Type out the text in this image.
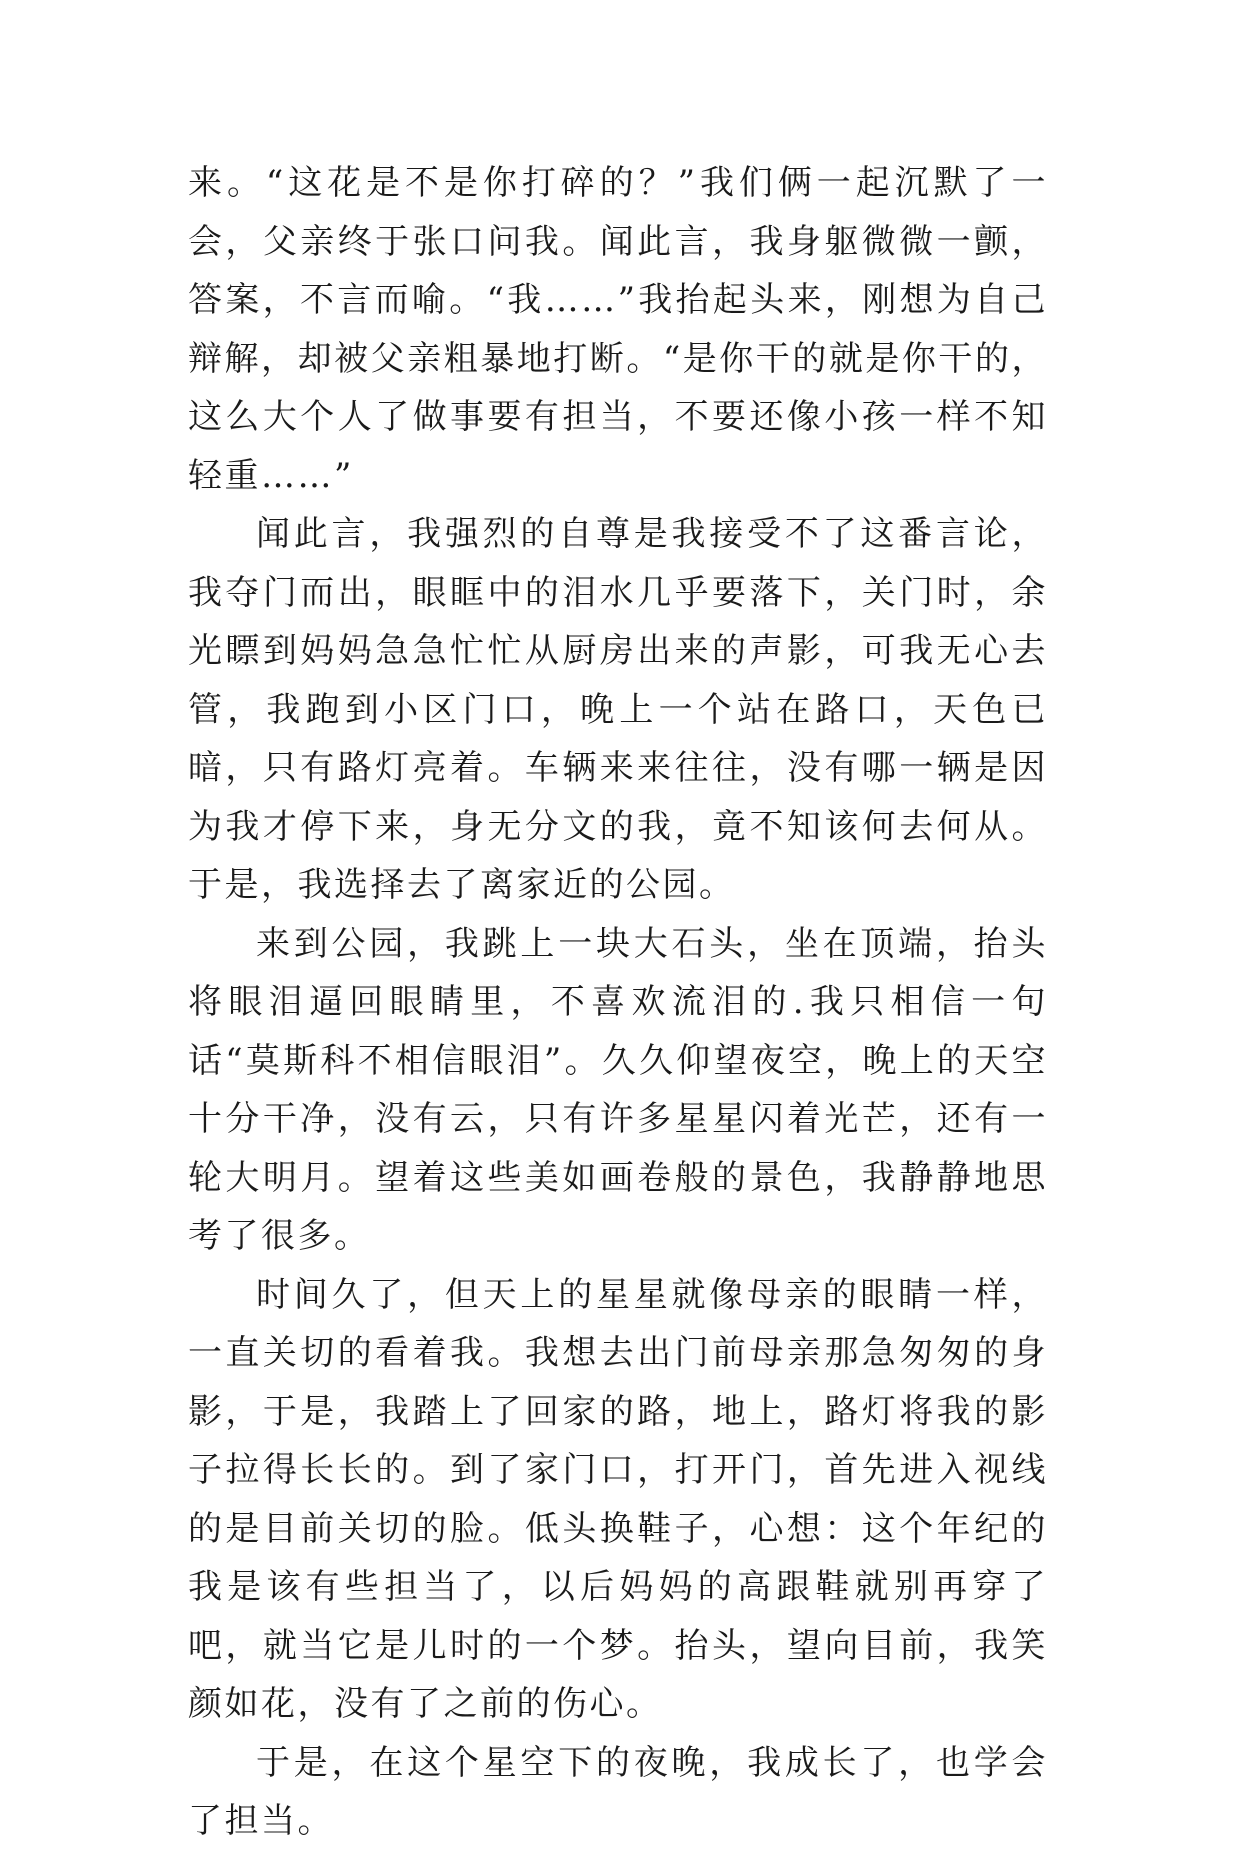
来。“这花是不是你打碎的？”我们俩一起沉默了一会，父亲终于张口问我。闻此言，我身躯微微一颤，答案，不言而喻。“我……”我抬起头来，刚想为自己辩解，却被父亲粗暴地打断。“是你干的就是你干的，这么大个人了做事要有担当，不要还像小孩一样不知轻重……”

闻此言，我强烈的自尊是我接受不了这番言论，我夺门而出，眼眶中的泪水几乎要落下，关门时，余光瞟到妈妈急急忙忙从厨房出来的声影，可我无心去管，我跑到小区门口，晚上一个站在路口，天色已暗，只有路灯亮着。车辆来来往往，没有哪一辆是因为我才停下来，身无分文的我，竟不知该何去何从。于是，我选择去了离家近的公园。

来到公园，我跳上一块大石头，坐在顶端，抬头将眼泪逼回眼睛里，不喜欢流泪的.我只相信一句话“莫斯科不相信眼泪”。久久仰望夜空，晚上的天空十分干净，没有云，只有许多星星闪着光芒，还有一轮大明月。望着这些美如画卷般的景色，我静静地思考了很多。

时间久了，但天上的星星就像母亲的眼睛一样，一直关切的看着我。我想去出门前母亲那急匆匆的身影，于是，我踏上了回家的路，地上，路灯将我的影子拉得长长的。到了家门口，打开门，首先进入视线的是目前关切的脸。低头换鞋子，心想：这个年纪的我是该有些担当了，以后妈妈的高跟鞋就别再穿了吧，就当它是儿时的一个梦。抬头，望向目前，我笑颜如花，没有了之前的伤心。

于是，在这个星空下的夜晚，我成长了，也学会了担当。
